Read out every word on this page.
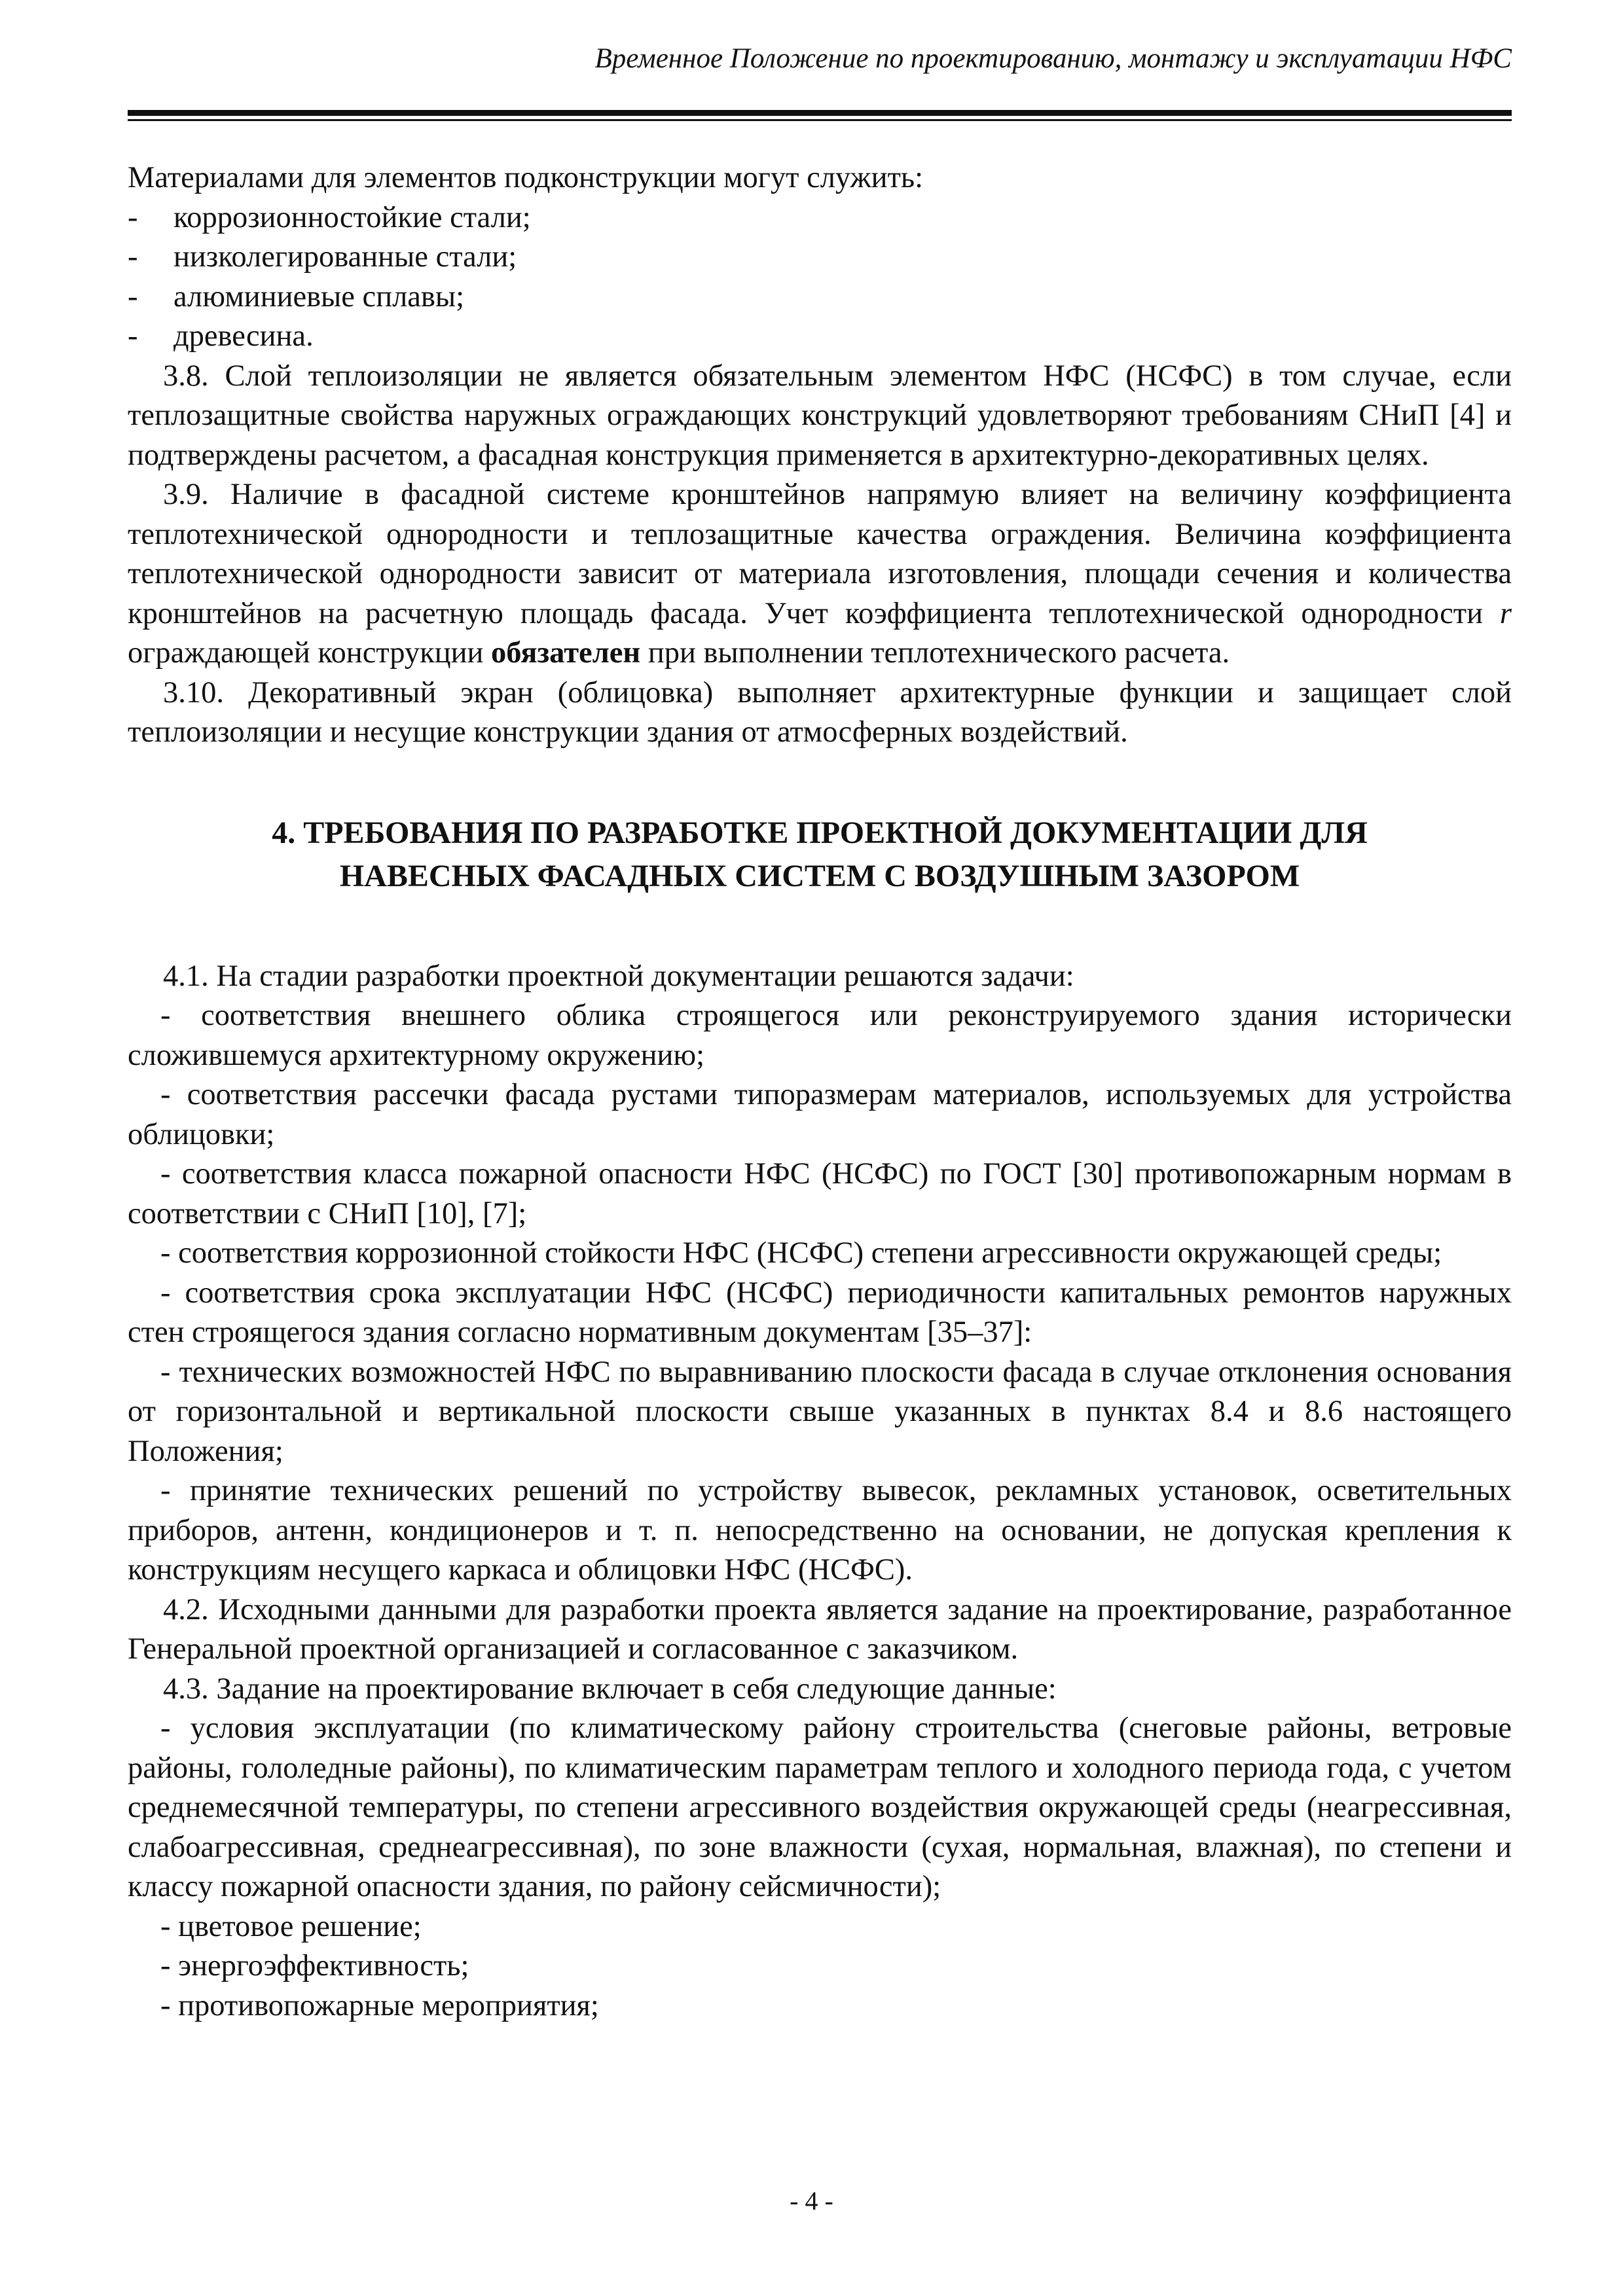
Временное Положение по проектированию, монтажу и эксплуатации НФС

Материалами для элементов подконструкции могут служить:

-	коррозионностойкие стали;
-	низколегированные стали;
-	алюминиевые сплавы;
-	древесина.

3.8. Слой теплоизоляции не является обязательным элементом НФС (НСФС) в том случае, если теплозащитные свойства наружных ограждающих конструкций удовлетворяют требованиям СНиП [4] и подтверждены расчетом, а фасадная конструкция применяется в архитектурно-декоративных целях.

3.9. Наличие в фасадной системе кронштейнов напрямую влияет на величину коэффициента теплотехнической однородности и теплозащитные качества ограждения. Величина коэффициента теплотехнической однородности зависит от материала изготовления, площади сечения и количества кронштейнов на расчетную площадь фасада. Учет коэффициента теплотехнической однородности r ограждающей конструкции обязателен при выполнении теплотехнического расчета.

3.10. Декоративный экран (облицовка) выполняет архитектурные функции и защищает слой теплоизоляции и несущие конструкции здания от атмосферных воздействий.

4. ТРЕБОВАНИЯ ПО РАЗРАБОТКЕ ПРОЕКТНОЙ ДОКУМЕНТАЦИИ ДЛЯ
НАВЕСНЫХ ФАСАДНЫХ СИСТЕМ С ВОЗДУШНЫМ ЗАЗОРОМ

4.1. На стадии разработки проектной документации решаются задачи:

- соответствия внешнего облика строящегося или реконструируемого здания исторически сложившемуся архитектурному окружению;

- соответствия рассечки фасада рустами типоразмерам материалов, используемых для устройства облицовки;

- соответствия класса пожарной опасности НФС (НСФС) по ГОСТ [30] противопожарным нормам в соответствии с СНиП [10], [7];

- соответствия коррозионной стойкости НФС (НСФС) степени агрессивности окружающей среды;

- соответствия срока эксплуатации НФС (НСФС) периодичности капитальных ремонтов наружных стен строящегося здания согласно нормативным документам [35–37]:

- технических возможностей НФС по выравниванию плоскости фасада в случае отклонения основания от горизонтальной и вертикальной плоскости свыше указанных в пунктах 8.4 и 8.6 настоящего Положения;

- принятие технических решений по устройству вывесок, рекламных установок, осветительных приборов, антенн, кондиционеров и т. п. непосредственно на основании, не допуская крепления к конструкциям несущего каркаса и облицовки НФС (НСФС).

4.2. Исходными данными для разработки проекта является задание на проектирование, разработанное Генеральной проектной организацией и согласованное с заказчиком.

4.3. Задание на проектирование включает в себя следующие данные:

- условия эксплуатации (по климатическому району строительства (снеговые районы, ветровые районы, гололедные районы), по климатическим параметрам теплого и холодного периода года, с учетом среднемесячной температуры, по степени агрессивного воздействия окружающей среды (неагрессивная, слабоагрессивная, среднеагрессивная), по зоне влажности (сухая, нормальная, влажная), по степени и классу пожарной опасности здания, по району сейсмичности);

- цветовое решение;

- энергоэффективность;

- противопожарные мероприятия;

- 4 -
